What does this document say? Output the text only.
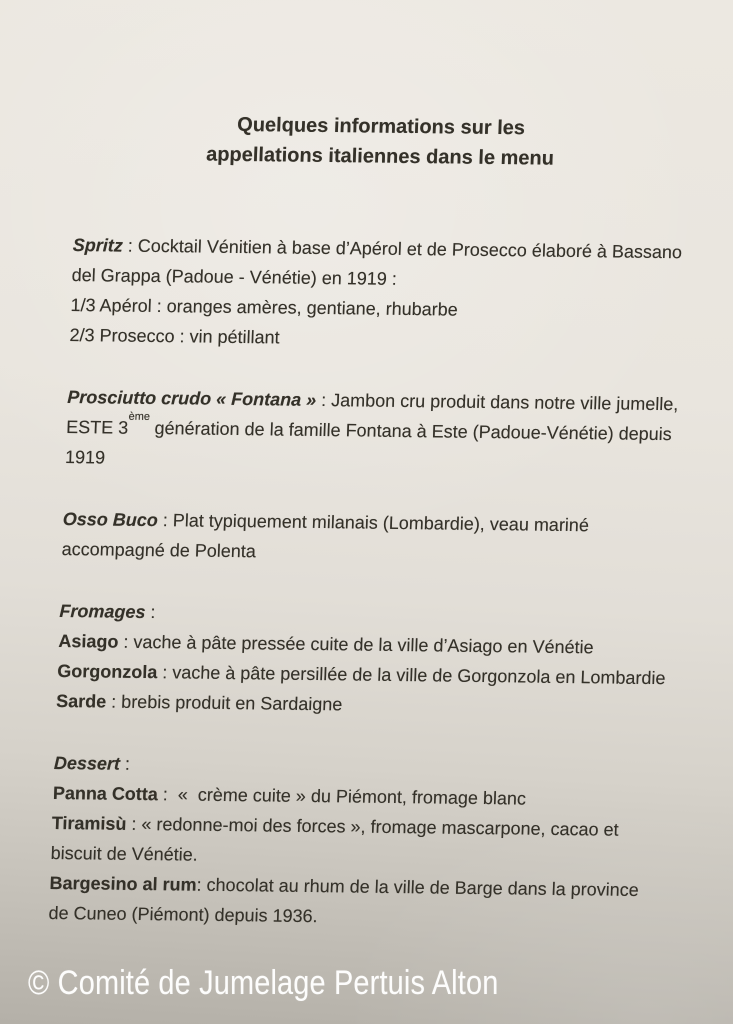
Quelques informations sur les
appellations italiennes dans le menu
Spritz : Cocktail Vénitien à base d’Apérol et de Prosecco élaboré à Bassano
del Grappa (Padoue - Vénétie) en 1919 :
1/3 Apérol : oranges amères, gentiane, rhubarbe
2/3 Prosecco : vin pétillant
Prosciutto crudo « Fontana » : Jambon cru produit dans notre ville jumelle,
ESTE 3ème génération de la famille Fontana à Este (Padoue-Vénétie) depuis
1919
Osso Buco : Plat typiquement milanais (Lombardie), veau mariné
accompagné de Polenta
Fromages :
Asiago : vache à pâte pressée cuite de la ville d’Asiago en Vénétie
Gorgonzola : vache à pâte persillée de la ville de Gorgonzola en Lombardie
Sarde : brebis produit en Sardaigne
Dessert :
Panna Cotta :  «  crème cuite » du Piémont, fromage blanc
Tiramisù : « redonne-moi des forces », fromage mascarpone, cacao et
biscuit de Vénétie.
Bargesino al rum: chocolat au rhum de la ville de Barge dans la province
de Cuneo (Piémont) depuis 1936.
© Comité de Jumelage Pertuis Alton
